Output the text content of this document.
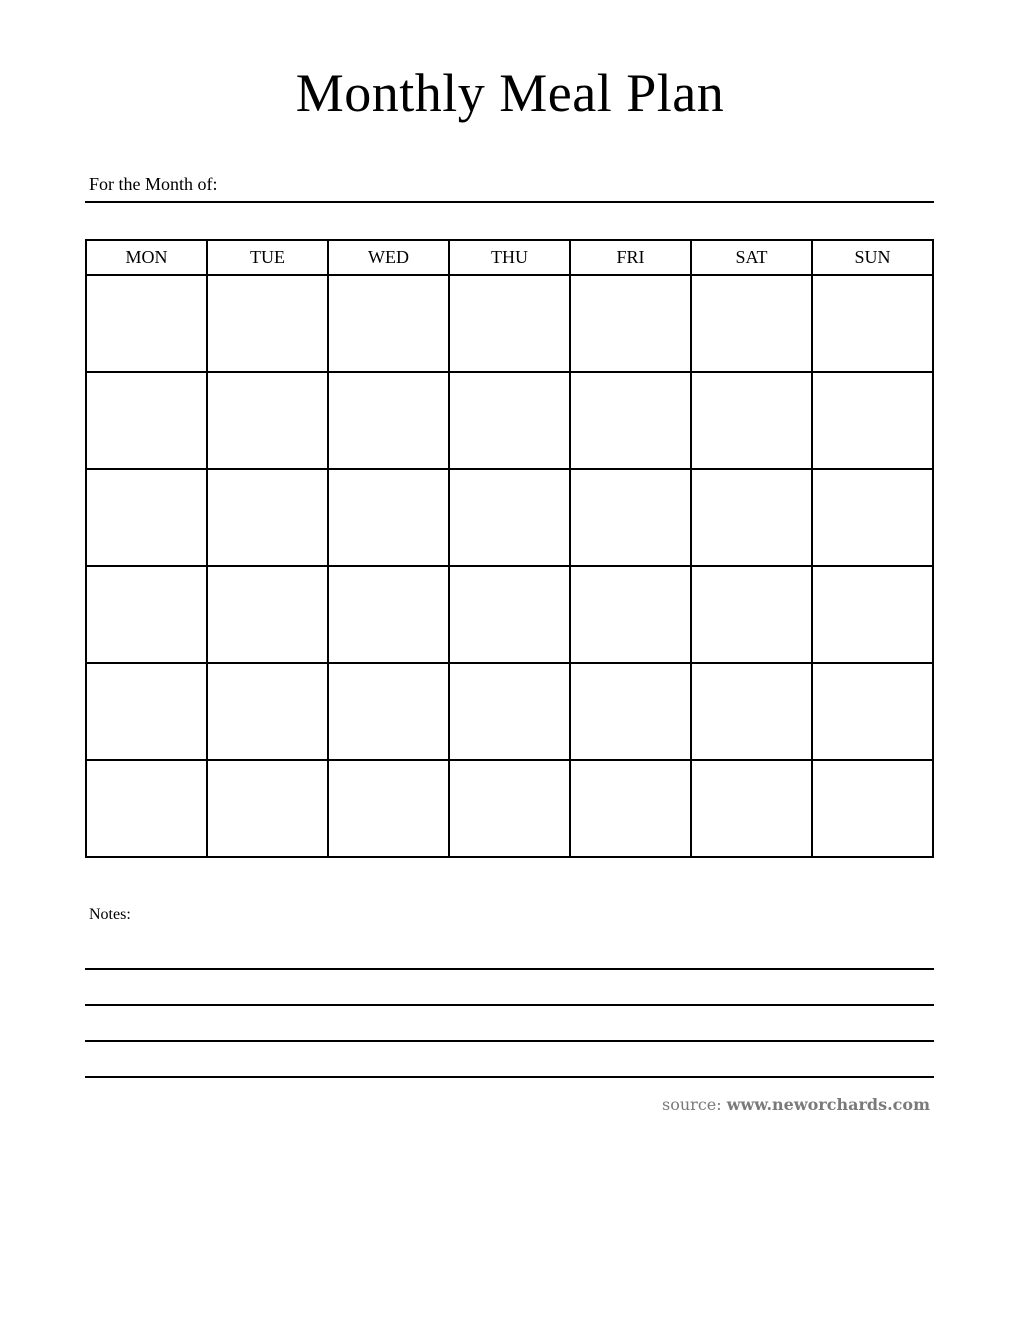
Monthly Meal Plan
For the Month of:
MON	TUE	WED	THU	FRI	SAT	SUN

Notes:
source: www.neworchards.com
